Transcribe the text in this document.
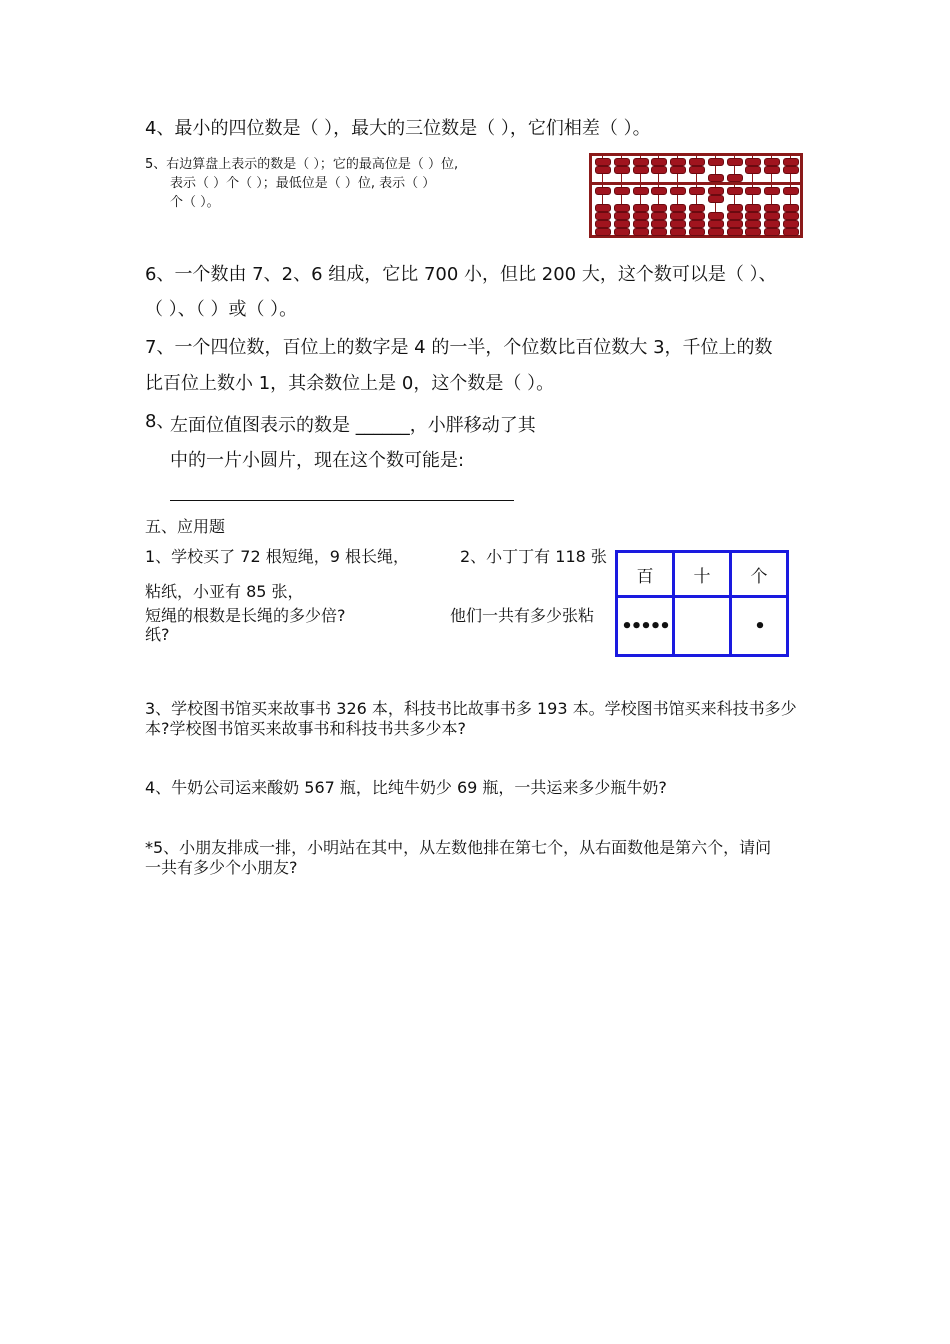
4、最小的四位数是（ ），最大的三位数是（ ），它们相差（ ）。
5、右边算盘上表示的数是（ ）；它的最高位是（ ）位,
表示（ ）个（ ）；最低位是（ ）位, 表示（ ）
个（ ）。
6、一个数由 7、2、6 组成，它比 700 小，但比 200 大，这个数可以是（ ）、
（ ）、（ ）或（ ）。
7、一个四位数，百位上的数字是 4 的一半，个位数比百位数大 3，千位上的数
比百位上数小 1，其余数位上是 0，这个数是（ ）。
8、
左面位值图表示的数是 ______，小胖移动了其
中的一片小圆片，现在这个数可能是:
五、应用题
1、学校买了 72 根短绳，9 根长绳，	2、小丁丁有 118 张
粘纸，小亚有 85 张，
短绳的根数是长绳的多少倍?	他们一共有多少张粘
纸?
百	十	个
•••••		•
3、学校图书馆买来故事书 326 本，科技书比故事书多 193 本。学校图书馆买来科技书多少
本?学校图书馆买来故事书和科技书共多少本?
4、牛奶公司运来酸奶 567 瓶，比纯牛奶少 69 瓶，一共运来多少瓶牛奶?
*5、小朋友排成一排，小明站在其中，从左数他排在第七个，从右面数他是第六个，请问
一共有多少个小朋友?
